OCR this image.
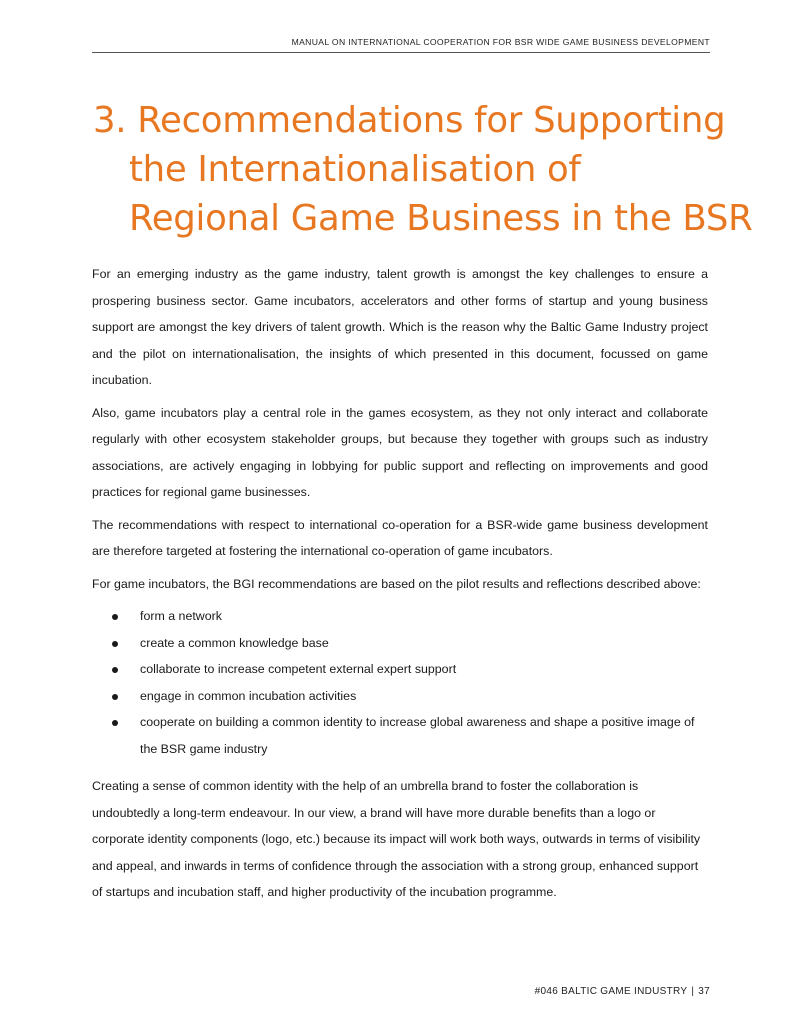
MANUAL ON INTERNATIONAL COOPERATION FOR BSR WIDE GAME BUSINESS DEVELOPMENT
3. Recommendations for Supporting
the Internationalisation of
Regional Game Business in the BSR

For an emerging industry as the game industry, talent growth is amongst the key challenges to ensure a prospering business sector. Game incubators, accelerators and other forms of startup and young business support are amongst the key drivers of talent growth. Which is the reason why the Baltic Game Industry project and the pilot on internationalisation, the insights of which presented in this document, focussed on game incubation.

Also, game incubators play a central role in the games ecosystem, as they not only interact and collaborate regularly with other ecosystem stakeholder groups, but because they together with groups such as industry associations, are actively engaging in lobbying for public support and reflecting on improvements and good practices for regional game businesses.

The recommendations with respect to international co-operation for a BSR-wide game business development are therefore targeted at fostering the international co-operation of game incubators.

For game incubators, the BGI recommendations are based on the pilot results and reflections described above:

form a network
create a common knowledge base
collaborate to increase competent external expert support
engage in common incubation activities
cooperate on building a common identity to increase global awareness and shape a positive image of the BSR game industry

Creating a sense of common identity with the help of an umbrella brand to foster the collaboration is undoubtedly a long-term endeavour. In our view, a brand will have more durable benefits than a logo or corporate identity components (logo, etc.) because its impact will work both ways, outwards in terms of visibility and appeal, and inwards in terms of confidence through the association with a strong group, enhanced support of startups and incubation staff, and higher productivity of the incubation programme.

#046 BALTIC GAME INDUSTRY | 37
